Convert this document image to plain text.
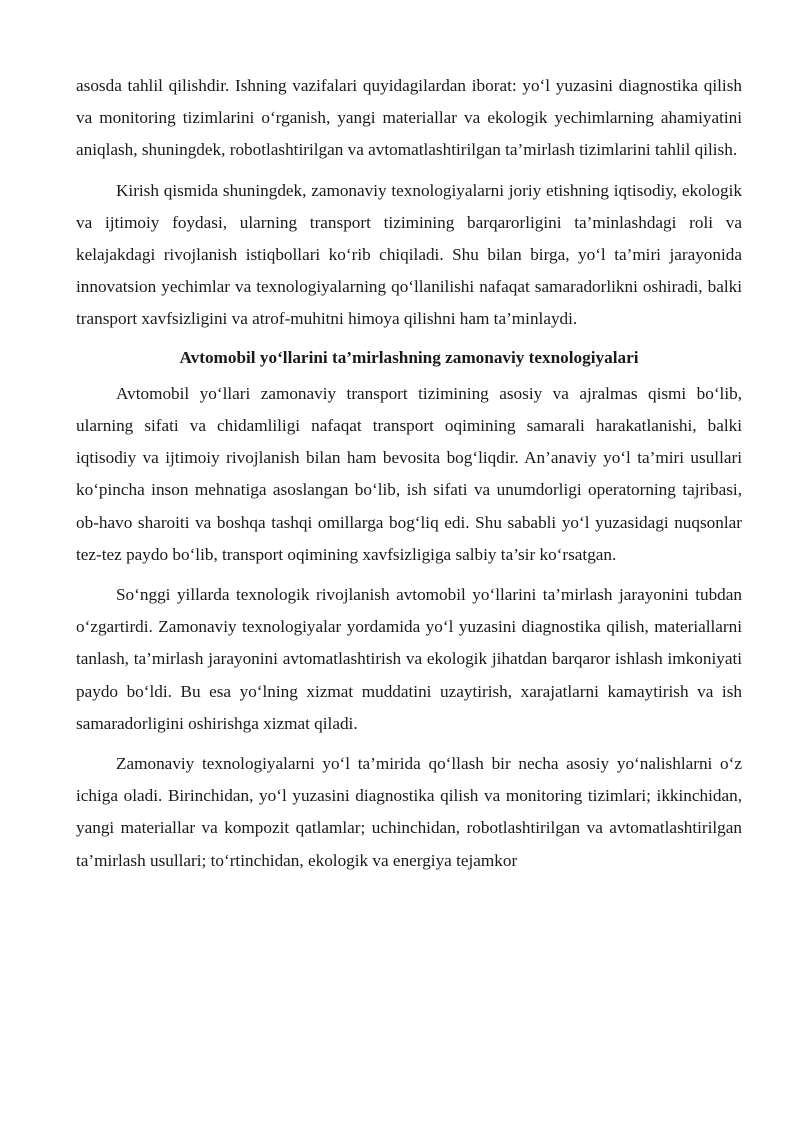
asosda tahlil qilishdir. Ishning vazifalari quyidagilardan iborat: yo‘l yuzasini diagnostika qilish va monitoring tizimlarini o‘rganish, yangi materiallar va ekologik yechimlarning ahamiyatini aniqlash, shuningdek, robotlashtirilgan va avtomatlashtirilgan ta’mirlash tizimlarini tahlil qilish.

Kirish qismida shuningdek, zamonaviy texnologiyalarni joriy etishning iqtisodiy, ekologik va ijtimoiy foydasi, ularning transport tizimining barqarorligini ta’minlashdagi roli va kelajakdagi rivojlanish istiqbollari ko‘rib chiqiladi. Shu bilan birga, yo‘l ta’miri jarayonida innovatsion yechimlar va texnologiyalarning qo‘llanilishi nafaqat samaradorlikni oshiradi, balki transport xavfsizligini va atrof-muhitni himoya qilishni ham ta’minlaydi.

Avtomobil yo‘llarini ta’mirlashning zamonaviy texnologiyalari

Avtomobil yo‘llari zamonaviy transport tizimining asosiy va ajralmas qismi bo‘lib, ularning sifati va chidamliligi nafaqat transport oqimining samarali harakatlanishi, balki iqtisodiy va ijtimoiy rivojlanish bilan ham bevosita bog‘liqdir. An’anaviy yo‘l ta’miri usullari ko‘pincha inson mehnatiga asoslangan bo‘lib, ish sifati va unumdorligi operatorning tajribasi, ob-havo sharoiti va boshqa tashqi omillarga bog‘liq edi. Shu sababli yo‘l yuzasidagi nuqsonlar tez-tez paydo bo‘lib, transport oqimining xavfsizligiga salbiy ta’sir ko‘rsatgan.

So‘nggi yillarda texnologik rivojlanish avtomobil yo‘llarini ta’mirlash jarayonini tubdan o‘zgartirdi. Zamonaviy texnologiyalar yordamida yo‘l yuzasini diagnostika qilish, materiallarni tanlash, ta’mirlash jarayonini avtomatlashtirish va ekologik jihatdan barqaror ishlash imkoniyati paydo bo‘ldi. Bu esa yo‘lning xizmat muddatini uzaytirish, xarajatlarni kamaytirish va ish samaradorligini oshirishga xizmat qiladi.

Zamonaviy texnologiyalarni yo‘l ta’mirida qo‘llash bir necha asosiy yo‘nalishlarni o‘z ichiga oladi. Birinchidan, yo‘l yuzasini diagnostika qilish va monitoring tizimlari; ikkinchidan, yangi materiallar va kompozit qatlamlar; uchinchidan, robotlashtirilgan va avtomatlashtirilgan ta’mirlash usullari; to‘rtinchidan, ekologik va energiya tejamkor
